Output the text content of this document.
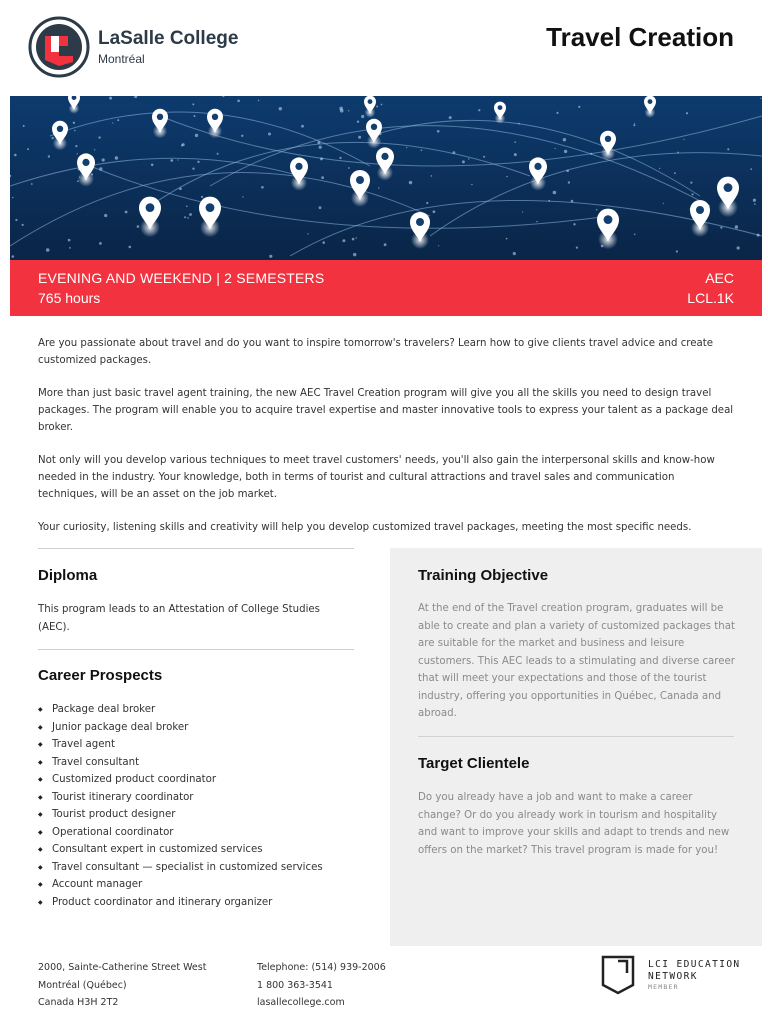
LaSalle College
Montréal
Travel Creation
EVENING AND WEEKEND | 2 SEMESTERS
765 hours
AEC
LCL.1K

Are you passionate about travel and do you want to inspire tomorrow's travelers? Learn how to give clients travel advice and create customized packages.

More than just basic travel agent training, the new AEC Travel Creation program will give you all the skills you need to design travel packages. The program will enable you to acquire travel expertise and master innovative tools to express your talent as a package deal broker.

Not only will you develop various techniques to meet travel customers' needs, you'll also gain the interpersonal skills and know-how needed in the industry. Your knowledge, both in terms of tourist and cultural attractions and travel sales and communication techniques, will be an asset on the job market.

Your curiosity, listening skills and creativity will help you develop customized travel packages, meeting the most specific needs.

Diploma
This program leads to an Attestation of College Studies (AEC).
Career Prospects
◆ Package deal broker
◆ Junior package deal broker
◆ Travel agent
◆ Travel consultant
◆ Customized product coordinator
◆ Tourist itinerary coordinator
◆ Tourist product designer
◆ Operational coordinator
◆ Consultant expert in customized services
◆ Travel consultant — specialist in customized services
◆ Account manager
◆ Product coordinator and itinerary organizer
Training Objective
At the end of the Travel creation program, graduates will be able to create and plan a variety of customized packages that are suitable for the market and business and leisure customers. This AEC leads to a stimulating and diverse career that will meet your expectations and those of the tourist industry, offering you opportunities in Québec, Canada and abroad.
Target Clientele
Do you already have a job and want to make a career change? Or do you already work in tourism and hospitality and want to improve your skills and adapt to trends and new offers on the market? This travel program is made for you!
2000, Sainte-Catherine Street West
Montréal (Québec)
Canada H3H 2T2
Telephone: (514) 939-2006
1 800 363-3541
lasallecollege.com
LCI EDUCATION
NETWORK
MEMBER
